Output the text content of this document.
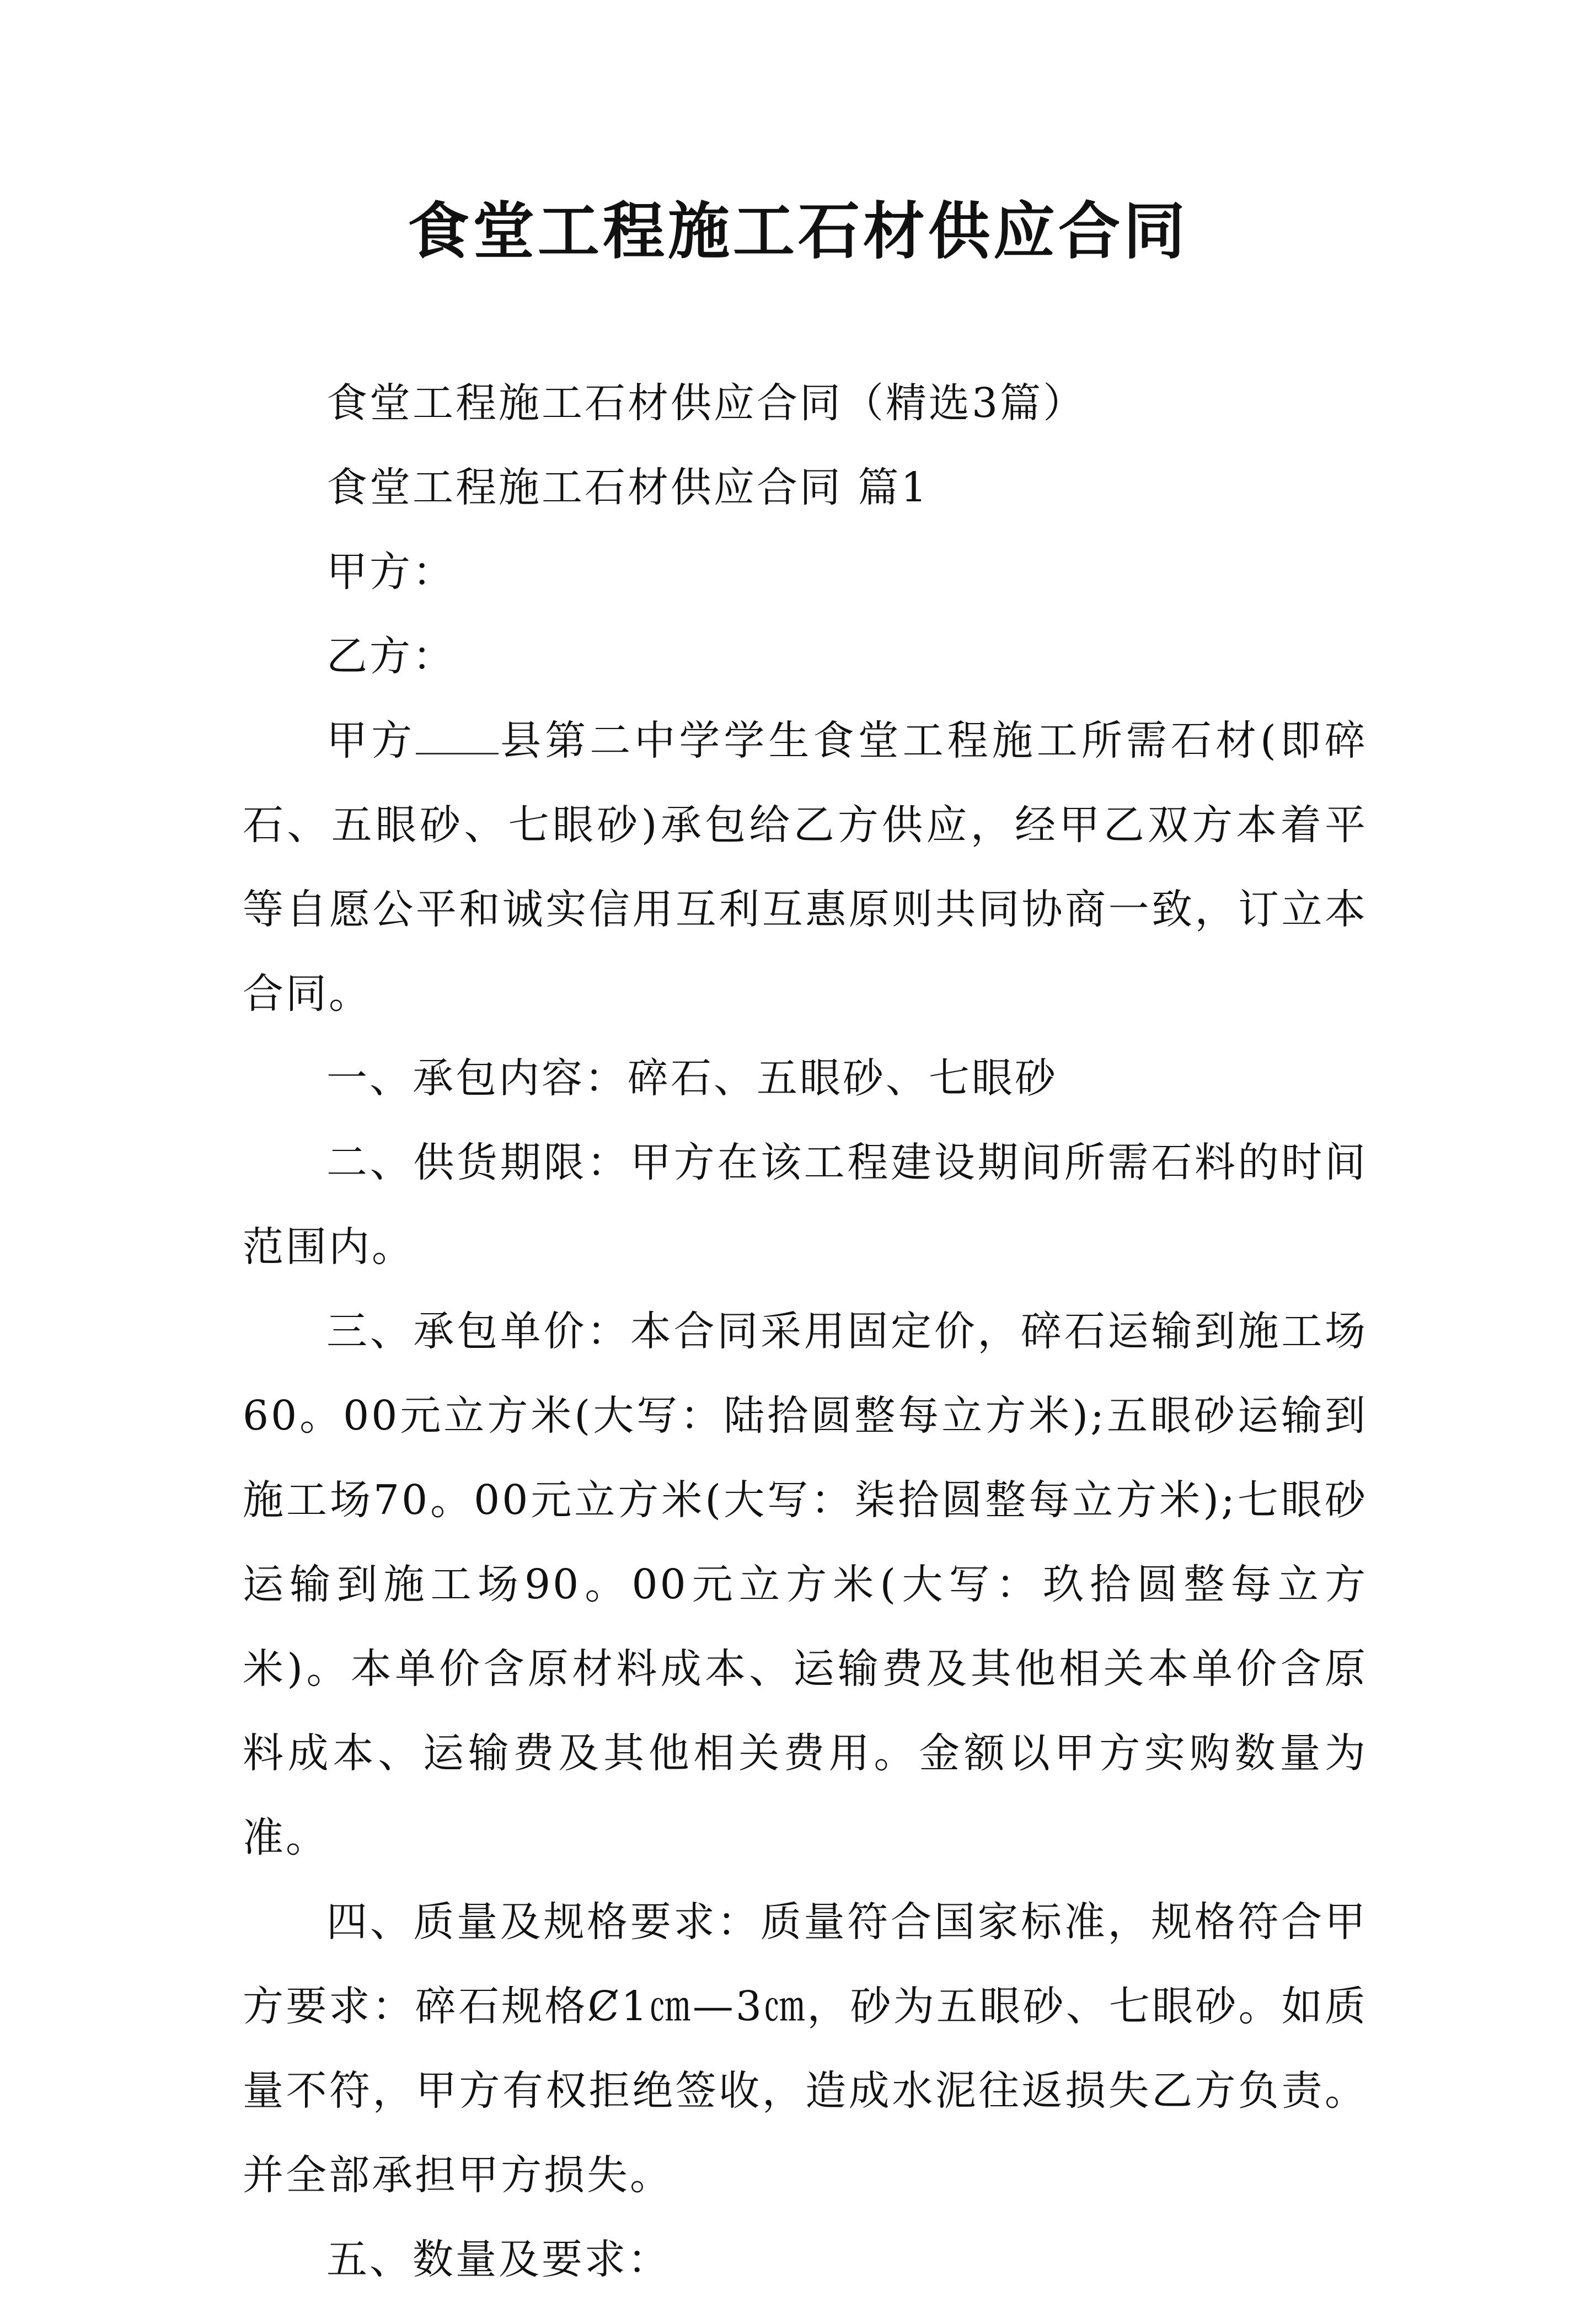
食堂工程施工石材供应合同

食堂工程施工石材供应合同（精选3篇）

食堂工程施工石材供应合同 篇1

甲方：

乙方：

甲方 县第二中学学生食堂工程施工所需石材(即碎石、五眼砂、七眼砂)承包给乙方供应，经甲乙双方本着平等自愿公平和诚实信用互利互惠原则共同协商一致，订立本合同。

一、承包内容：碎石、五眼砂、七眼砂

二、供货期限：甲方在该工程建设期间所需石料的时间范围内。

三、承包单价：本合同采用固定价，碎石运输到施工场60。00元立方米(大写：陆拾圆整每立方米);五眼砂运输到施工场70。00元立方米(大写：柒拾圆整每立方米);七眼砂运输到施工场90。00元立方米(大写：玖拾圆整每立方米)。本单价含原材料成本、运输费及其他相关本单价含原料成本、运输费及其他相关费用。金额以甲方实购数量为准。

四、质量及规格要求：质量符合国家标准，规格符合甲方要求：碎石规格Ȼ1㎝—3㎝，砂为五眼砂、七眼砂。如质量不符，甲方有权拒绝签收，造成水泥往返损失乙方负责。并全部承担甲方损失。

五、数量及要求：
